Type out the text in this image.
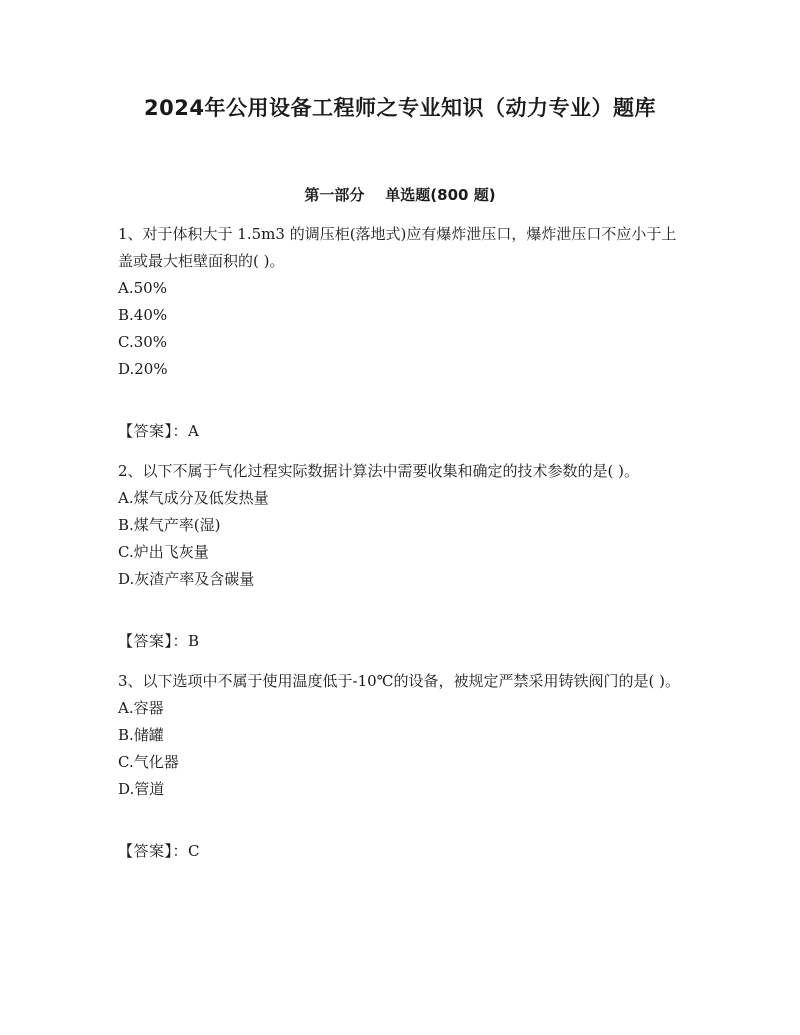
2024年公用设备工程师之专业知识（动力专业）题库
第一部分    单选题(800 题)

1、对于体积大于 1.5m3 的调压柜(落地式)应有爆炸泄压口，爆炸泄压口不应小于上盖或最大柜壁面积的( )。

A.50%
B.40%
C.30%
D.20%
【答案】：A

2、以下不属于气化过程实际数据计算法中需要收集和确定的技术参数的是( )。

A.煤气成分及低发热量
B.煤气产率(湿)
C.炉出飞灰量
D.灰渣产率及含碳量
【答案】：B

3、以下选项中不属于使用温度低于-10℃的设备，被规定严禁采用铸铁阀门的是( )。

A.容器
B.储罐
C.气化器
D.管道
【答案】：C
